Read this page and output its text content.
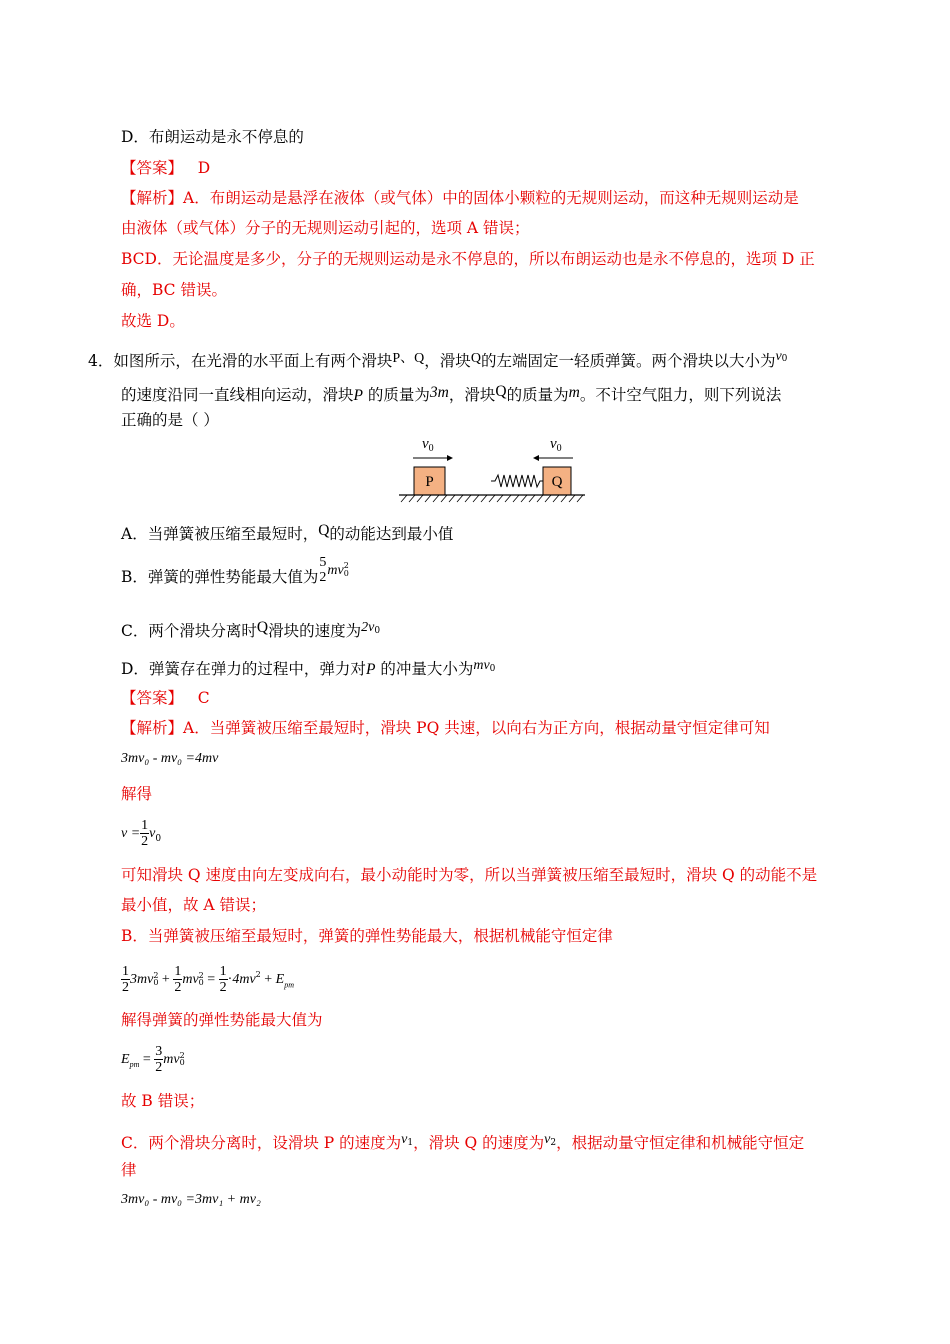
D．布朗运动是永不停息的
【答案】 D
【解析】A．布朗运动是悬浮在液体（或气体）中的固体小颗粒的无规则运动，而这种无规则运动是
由液体（或气体）分子的无规则运动引起的，选项 A 错误；
BCD．无论温度是多少，分子的无规则运动是永不停息的，所以布朗运动也是永不停息的，选项 D 正
确，BC 错误。
故选 D。
4．如图所示，在光滑的水平面上有两个滑块P、Q，滑块Q的左端固定一轻质弹簧。两个滑块以大小为$v_0$
的速度沿同一直线相向运动，滑块P 的质量为3m，滑块Q的质量为m。不计空气阻力，则下列说法
正确的是（ ）
$v_0$	$v_0$
P	Q
A．当弹簧被压缩至最短时，Q的动能达到最小值
B．弹簧的弹性势能最大值为
5
2 mv 2
0
C．两个滑块分离时Q滑块的速度为$2v_0$
D．弹簧存在弹力的过程中，弹力对P 的冲量大小为$mv_0$
【答案】 C
【解析】A．当弹簧被压缩至最短时，滑块 PQ 共速，以向右为正方向，根据动量守恒定律可知
3mv₀ - mv₀ =4mv
解得
$v = \frac{1}{2} v_0$
可知滑块 Q 速度由向左变成向右，最小动能时为零，所以当弹簧被压缩至最短时，滑块 Q 的动能不是
最小值，故 A 错误；
B．当弹簧被压缩至最短时，弹簧的弹性势能最大，根据机械能守恒定律
$\frac{1}{2} 3mv$ 2
$0 + \frac{1}{2}$ mv 2
$0 = \frac{1}{2} \cdot 4mv^2 + E_{pm}$
解得弹簧的弹性势能最大值为
$E_{pm} = \frac{3}{2}$ mv 2
0
故 B 错误；
C．两个滑块分离时，设滑块 P 的速度为$v_1$，滑块 Q 的速度为$v_2$，根据动量守恒定律和机械能守恒定
律
3mv₀ - mv₀ =3mv₁ + mv₂
